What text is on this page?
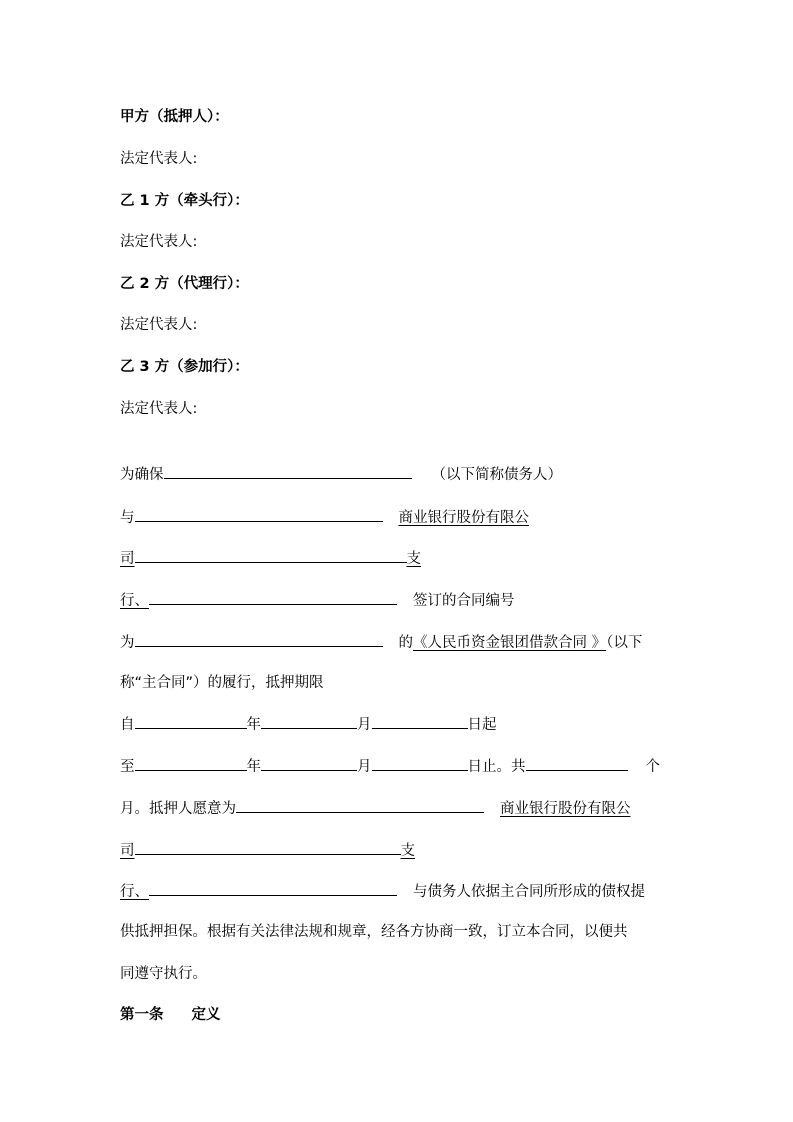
甲方（抵押人）：
法定代表人:
乙 1 方（牵头行）：
法定代表人:
乙 2 方（代理行）：
法定代表人:
乙 3 方（参加行）：
法定代表人:
为确保	（以下简称债务人）
与	商业银行股份有限公
司	支
行、	签订的合同编号
为	的《人民币资金银团借款合同 》（以下
称“主合同”）的履行，抵押期限
自	年	月	日起
至	年	月	日止。共	个
月。抵押人愿意为	商业银行股份有限公
司	支
行、	与债务人依据主合同所形成的债权提
供抵押担保。根据有关法律法规和规章，经各方协商一致，订立本合同，以便共
同遵守执行。
第一条 定义
